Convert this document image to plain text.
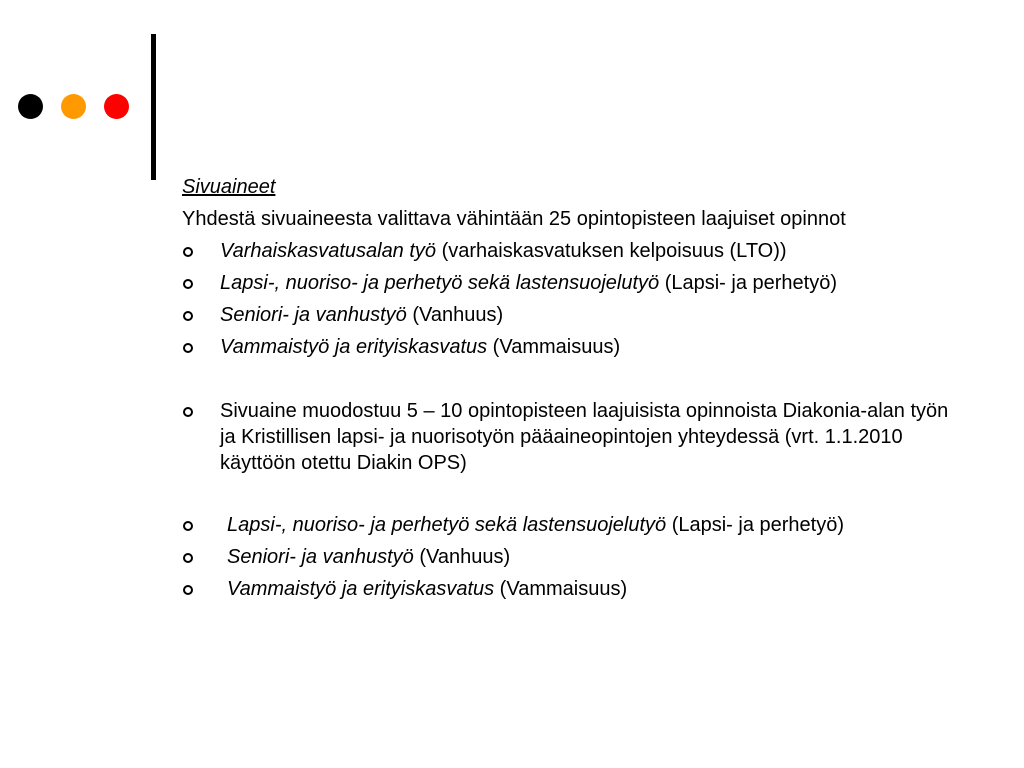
Sivuaineet
Yhdestä sivuaineesta valittava vähintään 25 opintopisteen laajuiset opinnot
Varhaiskasvatusalan työ (varhaiskasvatuksen kelpoisuus (LTO))
Lapsi-, nuoriso- ja perhetyö sekä lastensuojelutyö (Lapsi- ja perhetyö)
Seniori- ja vanhustyö (Vanhuus)
Vammaistyö ja erityiskasvatus (Vammaisuus)
Sivuaine muodostuu 5 – 10 opintopisteen laajuisista opinnoista Diakonia-alan työn ja Kristillisen lapsi- ja nuorisotyön pääaineopintojen yhteydessä (vrt. 1.1.2010 käyttöön otettu Diakin OPS)
Lapsi-, nuoriso- ja perhetyö sekä lastensuojelutyö (Lapsi- ja perhetyö)
Seniori- ja vanhustyö (Vanhuus)
Vammaistyö ja erityiskasvatus (Vammaisuus)
